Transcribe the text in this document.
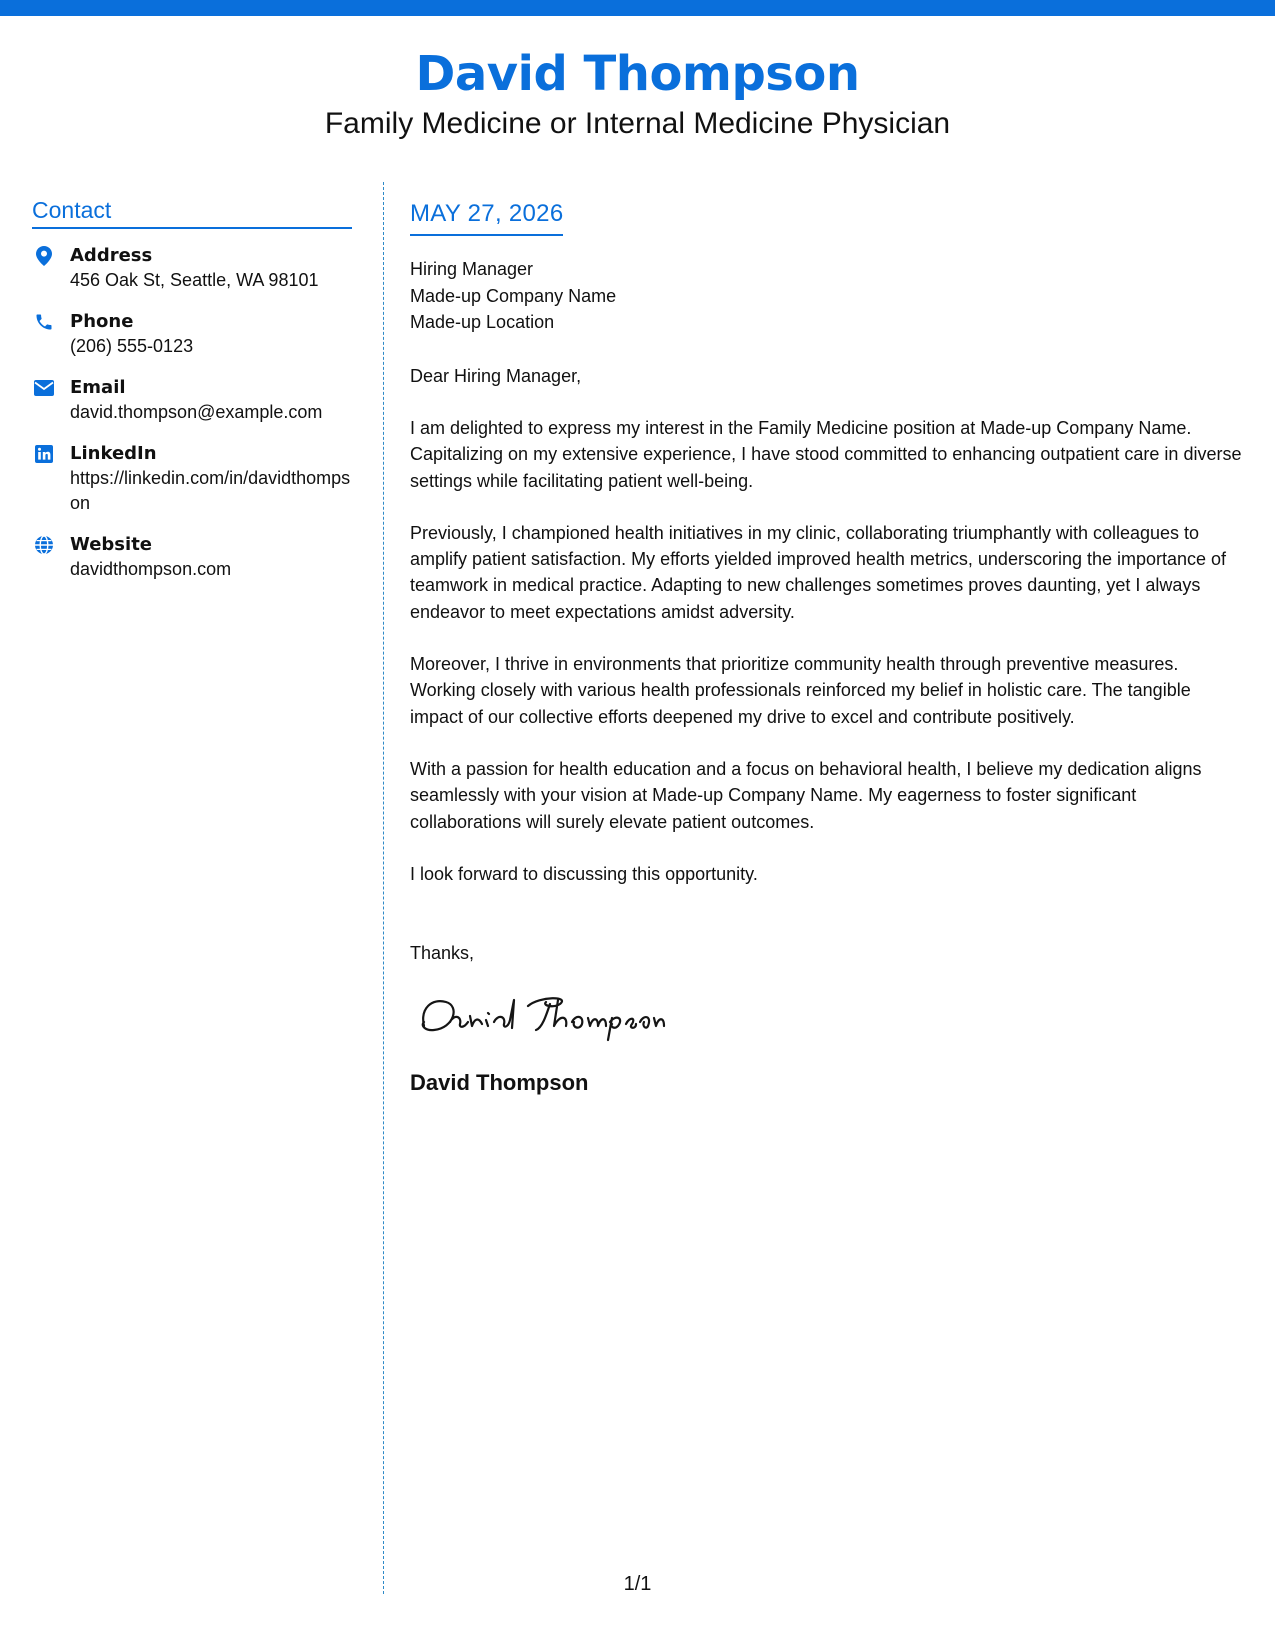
David Thompson
Family Medicine or Internal Medicine Physician
Contact
Address
456 Oak St, Seattle, WA 98101
Phone
(206) 555-0123
Email
david.thompson@example.com
LinkedIn
https://linkedin.com/in/davidthompson
Website
davidthompson.com
MAY 27, 2026
Hiring Manager
Made-up Company Name
Made-up Location
Dear Hiring Manager,
I am delighted to express my interest in the Family Medicine position at Made-up Company Name. Capitalizing on my extensive experience, I have stood committed to enhancing outpatient care in diverse settings while facilitating patient well-being.
Previously, I championed health initiatives in my clinic, collaborating triumphantly with colleagues to amplify patient satisfaction. My efforts yielded improved health metrics, underscoring the importance of teamwork in medical practice. Adapting to new challenges sometimes proves daunting, yet I always endeavor to meet expectations amidst adversity.
Moreover, I thrive in environments that prioritize community health through preventive measures. Working closely with various health professionals reinforced my belief in holistic care. The tangible impact of our collective efforts deepened my drive to excel and contribute positively.
With a passion for health education and a focus on behavioral health, I believe my dedication aligns seamlessly with your vision at Made-up Company Name. My eagerness to foster significant collaborations will surely elevate patient outcomes.
I look forward to discussing this opportunity.
Thanks,
David Thompson
1/1
